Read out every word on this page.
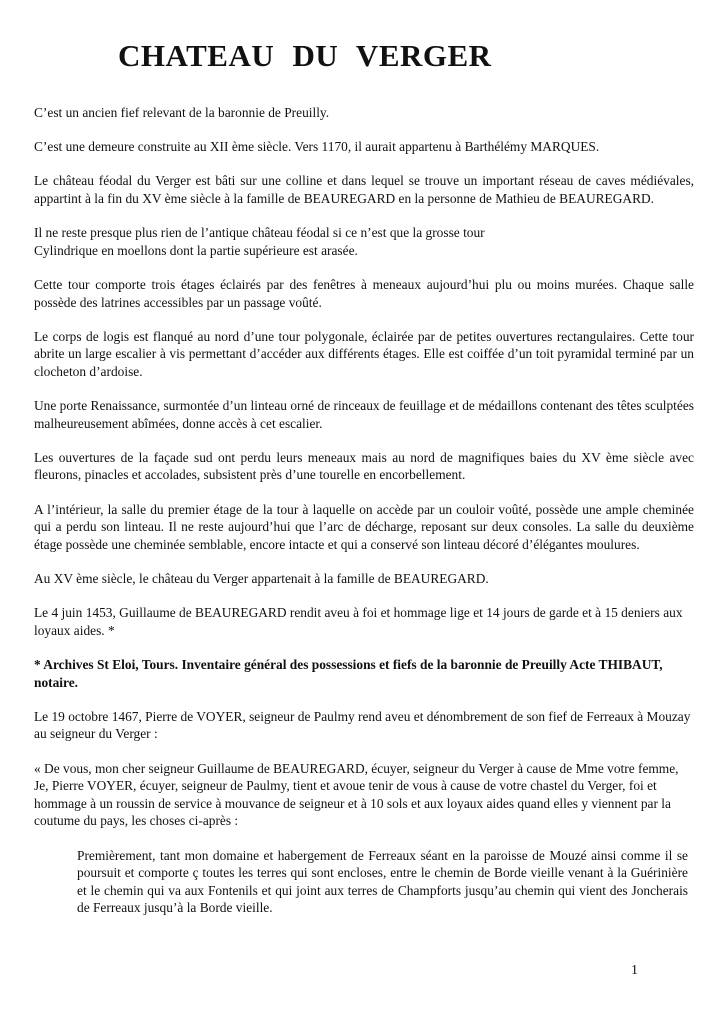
CHATEAU DU VERGER

C’est un ancien fief relevant de la baronnie de Preuilly.

C’est une demeure construite au XII ème siècle. Vers 1170, il aurait appartenu à Barthélémy MARQUES.

Le château féodal du Verger est bâti sur une colline et dans lequel se trouve un important réseau de caves médiévales, appartint à la fin du XV ème siècle à la famille de BEAUREGARD en la personne de Mathieu de BEAUREGARD.

Il ne reste presque plus rien de l’antique château féodal si ce n’est que la grosse tour
Cylindrique en moellons dont la partie supérieure est arasée.

Cette tour comporte trois étages éclairés par des fenêtres à meneaux aujourd’hui plu ou moins murées. Chaque salle possède des latrines accessibles par un passage voûté.

Le corps de logis est flanqué au nord d’une tour polygonale, éclairée par de petites ouvertures rectangulaires. Cette tour abrite un large escalier à vis permettant d’accéder aux différents étages. Elle est coiffée d’un toit pyramidal terminé par un clocheton d’ardoise.

Une porte Renaissance, surmontée d’un linteau orné de rinceaux de feuillage et de médaillons contenant des têtes sculptées malheureusement abîmées, donne accès à cet escalier.

Les ouvertures de la façade sud ont perdu leurs meneaux mais au nord de magnifiques baies du XV ème siècle avec fleurons, pinacles et accolades, subsistent près d’une tourelle en encorbellement.

A l’intérieur, la salle du premier étage de la tour à laquelle on accède par un couloir voûté, possède une ample cheminée qui a perdu son linteau. Il ne reste aujourd’hui que l’arc de décharge, reposant sur deux consoles. La salle du deuxième étage possède une cheminée semblable, encore intacte et qui a conservé son linteau décoré d’élégantes moulures.

Au XV ème siècle, le château du Verger appartenait à la famille de BEAUREGARD.

Le 4 juin 1453, Guillaume de BEAUREGARD rendit aveu à foi et hommage lige et 14 jours de garde et à 15 deniers aux loyaux aides. *

* Archives St Eloi, Tours. Inventaire général des possessions et fiefs de la baronnie de Preuilly Acte THIBAUT, notaire.

Le 19 octobre 1467, Pierre de VOYER, seigneur de Paulmy rend aveu et dénombrement de son fief de Ferreaux à Mouzay au seigneur du Verger :

« De vous, mon cher seigneur Guillaume de BEAUREGARD, écuyer, seigneur du Verger à cause de Mme votre femme,

Je, Pierre VOYER, écuyer, seigneur de Paulmy, tient et avoue tenir de vous à cause de votre chastel du Verger, foi et hommage à un roussin de service à mouvance de seigneur et à 10 sols et aux loyaux aides quand elles y viennent par la coutume du pays, les choses ci-après :

Premièrement, tant mon domaine et habergement de Ferreaux séant en la paroisse de Mouzé ainsi comme il se poursuit et comporte ç toutes les terres qui sont encloses, entre le chemin de Borde vieille venant à la Guérinière et le chemin qui va aux Fontenils et qui joint aux terres de Champforts jusqu’au chemin qui vient des Joncherais de Ferreaux jusqu’à la Borde vieille.

1
